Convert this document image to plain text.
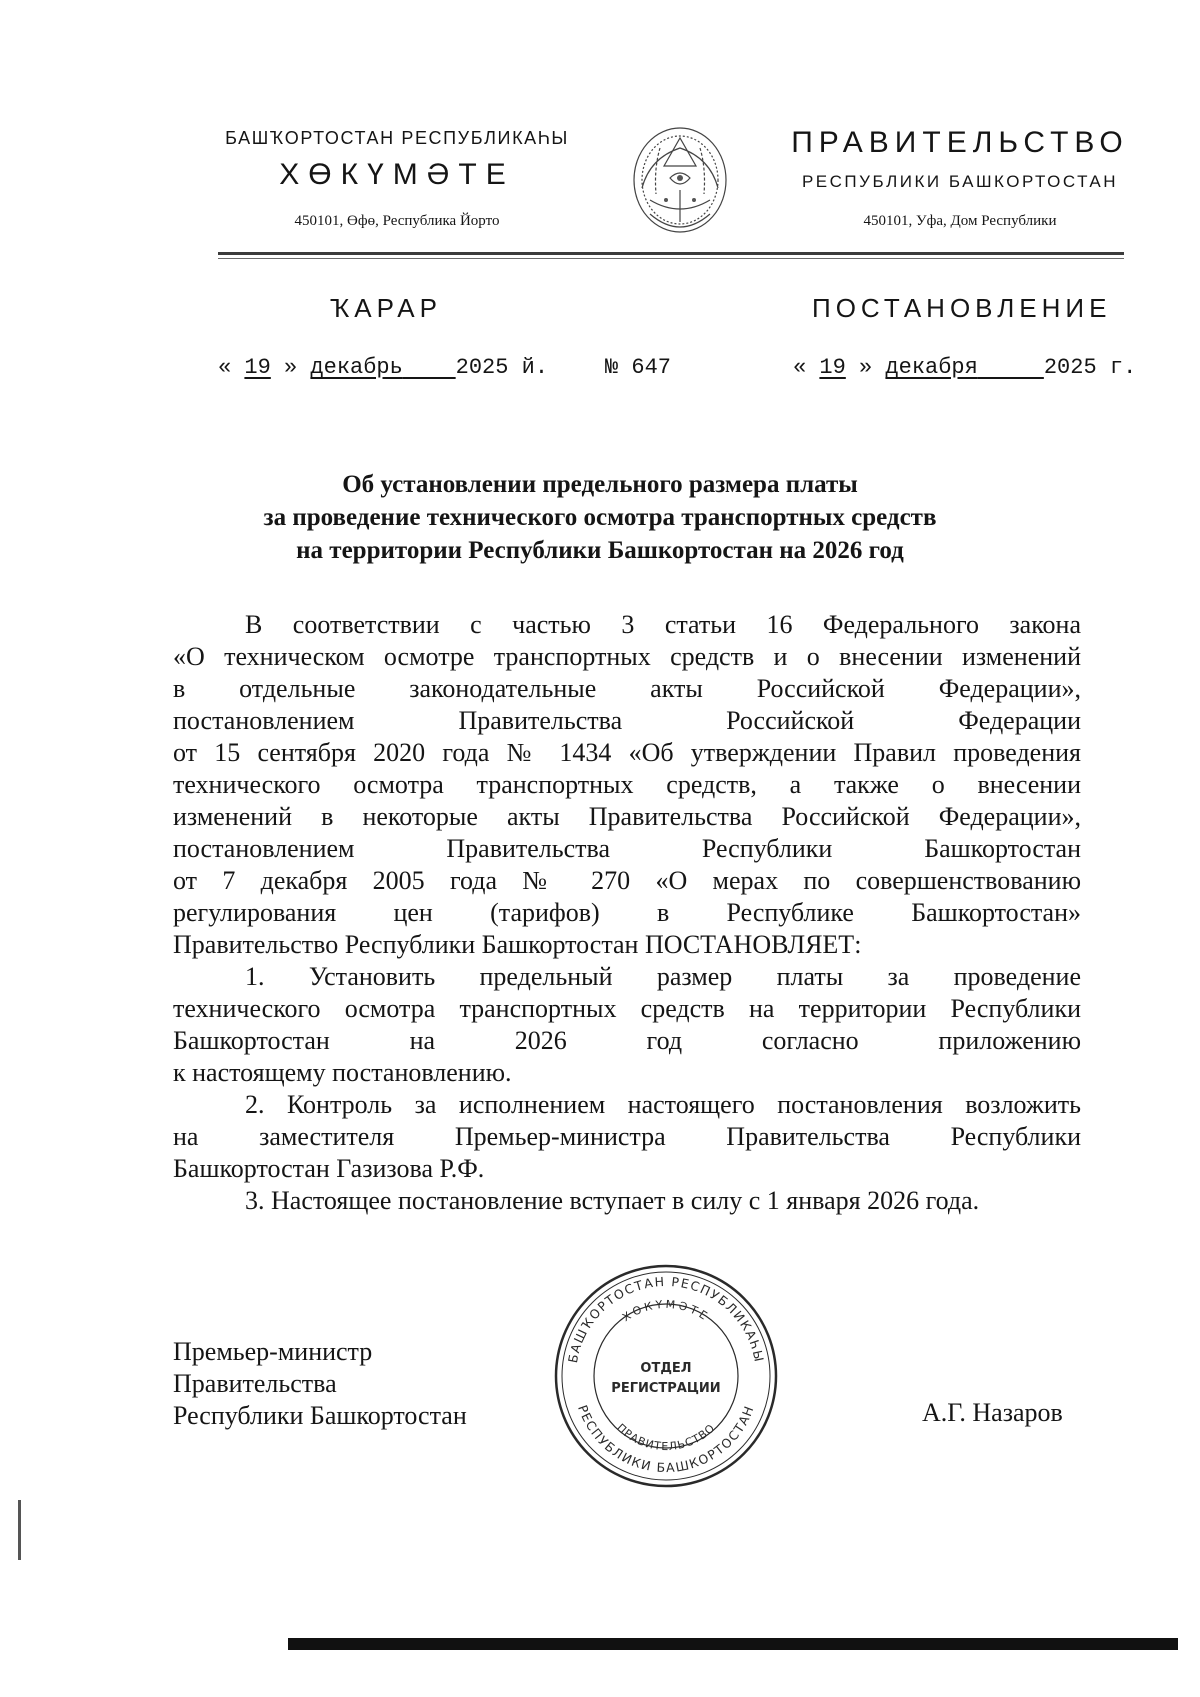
БАШҠОРТОСТАН РЕСПУБЛИКАҺЫ
ХӨКҮМӘТЕ
450101, Өфө, Республика Йорто
ПРАВИТЕЛЬСТВО
РЕСПУБЛИКИ БАШКОРТОСТАН
450101, Уфа, Дом Республики
ҠАРАР	ПОСТАНОВЛЕНИЕ
« 19 » декабрь 2025 й.	№ 647	« 19 » декабря	2025 г.
Об установлении предельного размера платы
за проведение технического осмотра транспортных средств
на территории Республики Башкортостан на 2026 год

В соответствии с частью 3 статьи 16 Федерального закона

«О техническом осмотре транспортных средств и о внесении изменений

в отдельные законодательные акты Российской Федерации»,

постановлением Правительства Российской Федерации

от 15 сентября 2020 года № 1434 «Об утверждении Правил проведения

технического осмотра транспортных средств, а также о внесении

изменений в некоторые акты Правительства Российской Федерации»,

постановлением Правительства Республики Башкортостан

от 7 декабря 2005 года № 270 «О мерах по совершенствованию

регулирования цен (тарифов) в Республике Башкортостан»

Правительство Республики Башкортостан ПОСТАНОВЛЯЕТ:

1. Установить предельный размер платы за проведение

технического осмотра транспортных средств на территории Республики

Башкортостан на 2026 год согласно приложению

к настоящему постановлению.

2. Контроль за исполнением настоящего постановления возложить

на заместителя Премьер-министра Правительства Республики

Башкортостан Газизова Р.Ф.

3. Настоящее постановление вступает в силу с 1 января 2026 года.

Премьер-министр
Правительства
Республики Башкортостан
БАШҠОРТОСТАН РЕСПУБЛИКАҺЫ
ХӨКҮМӘТЕ
ПРАВИТЕЛЬСТВО
РЕСПУБЛИКИ БАШКОРТОСТАН
ОТДЕЛ
РЕГИСТРАЦИИ
А.Г. Назаров
